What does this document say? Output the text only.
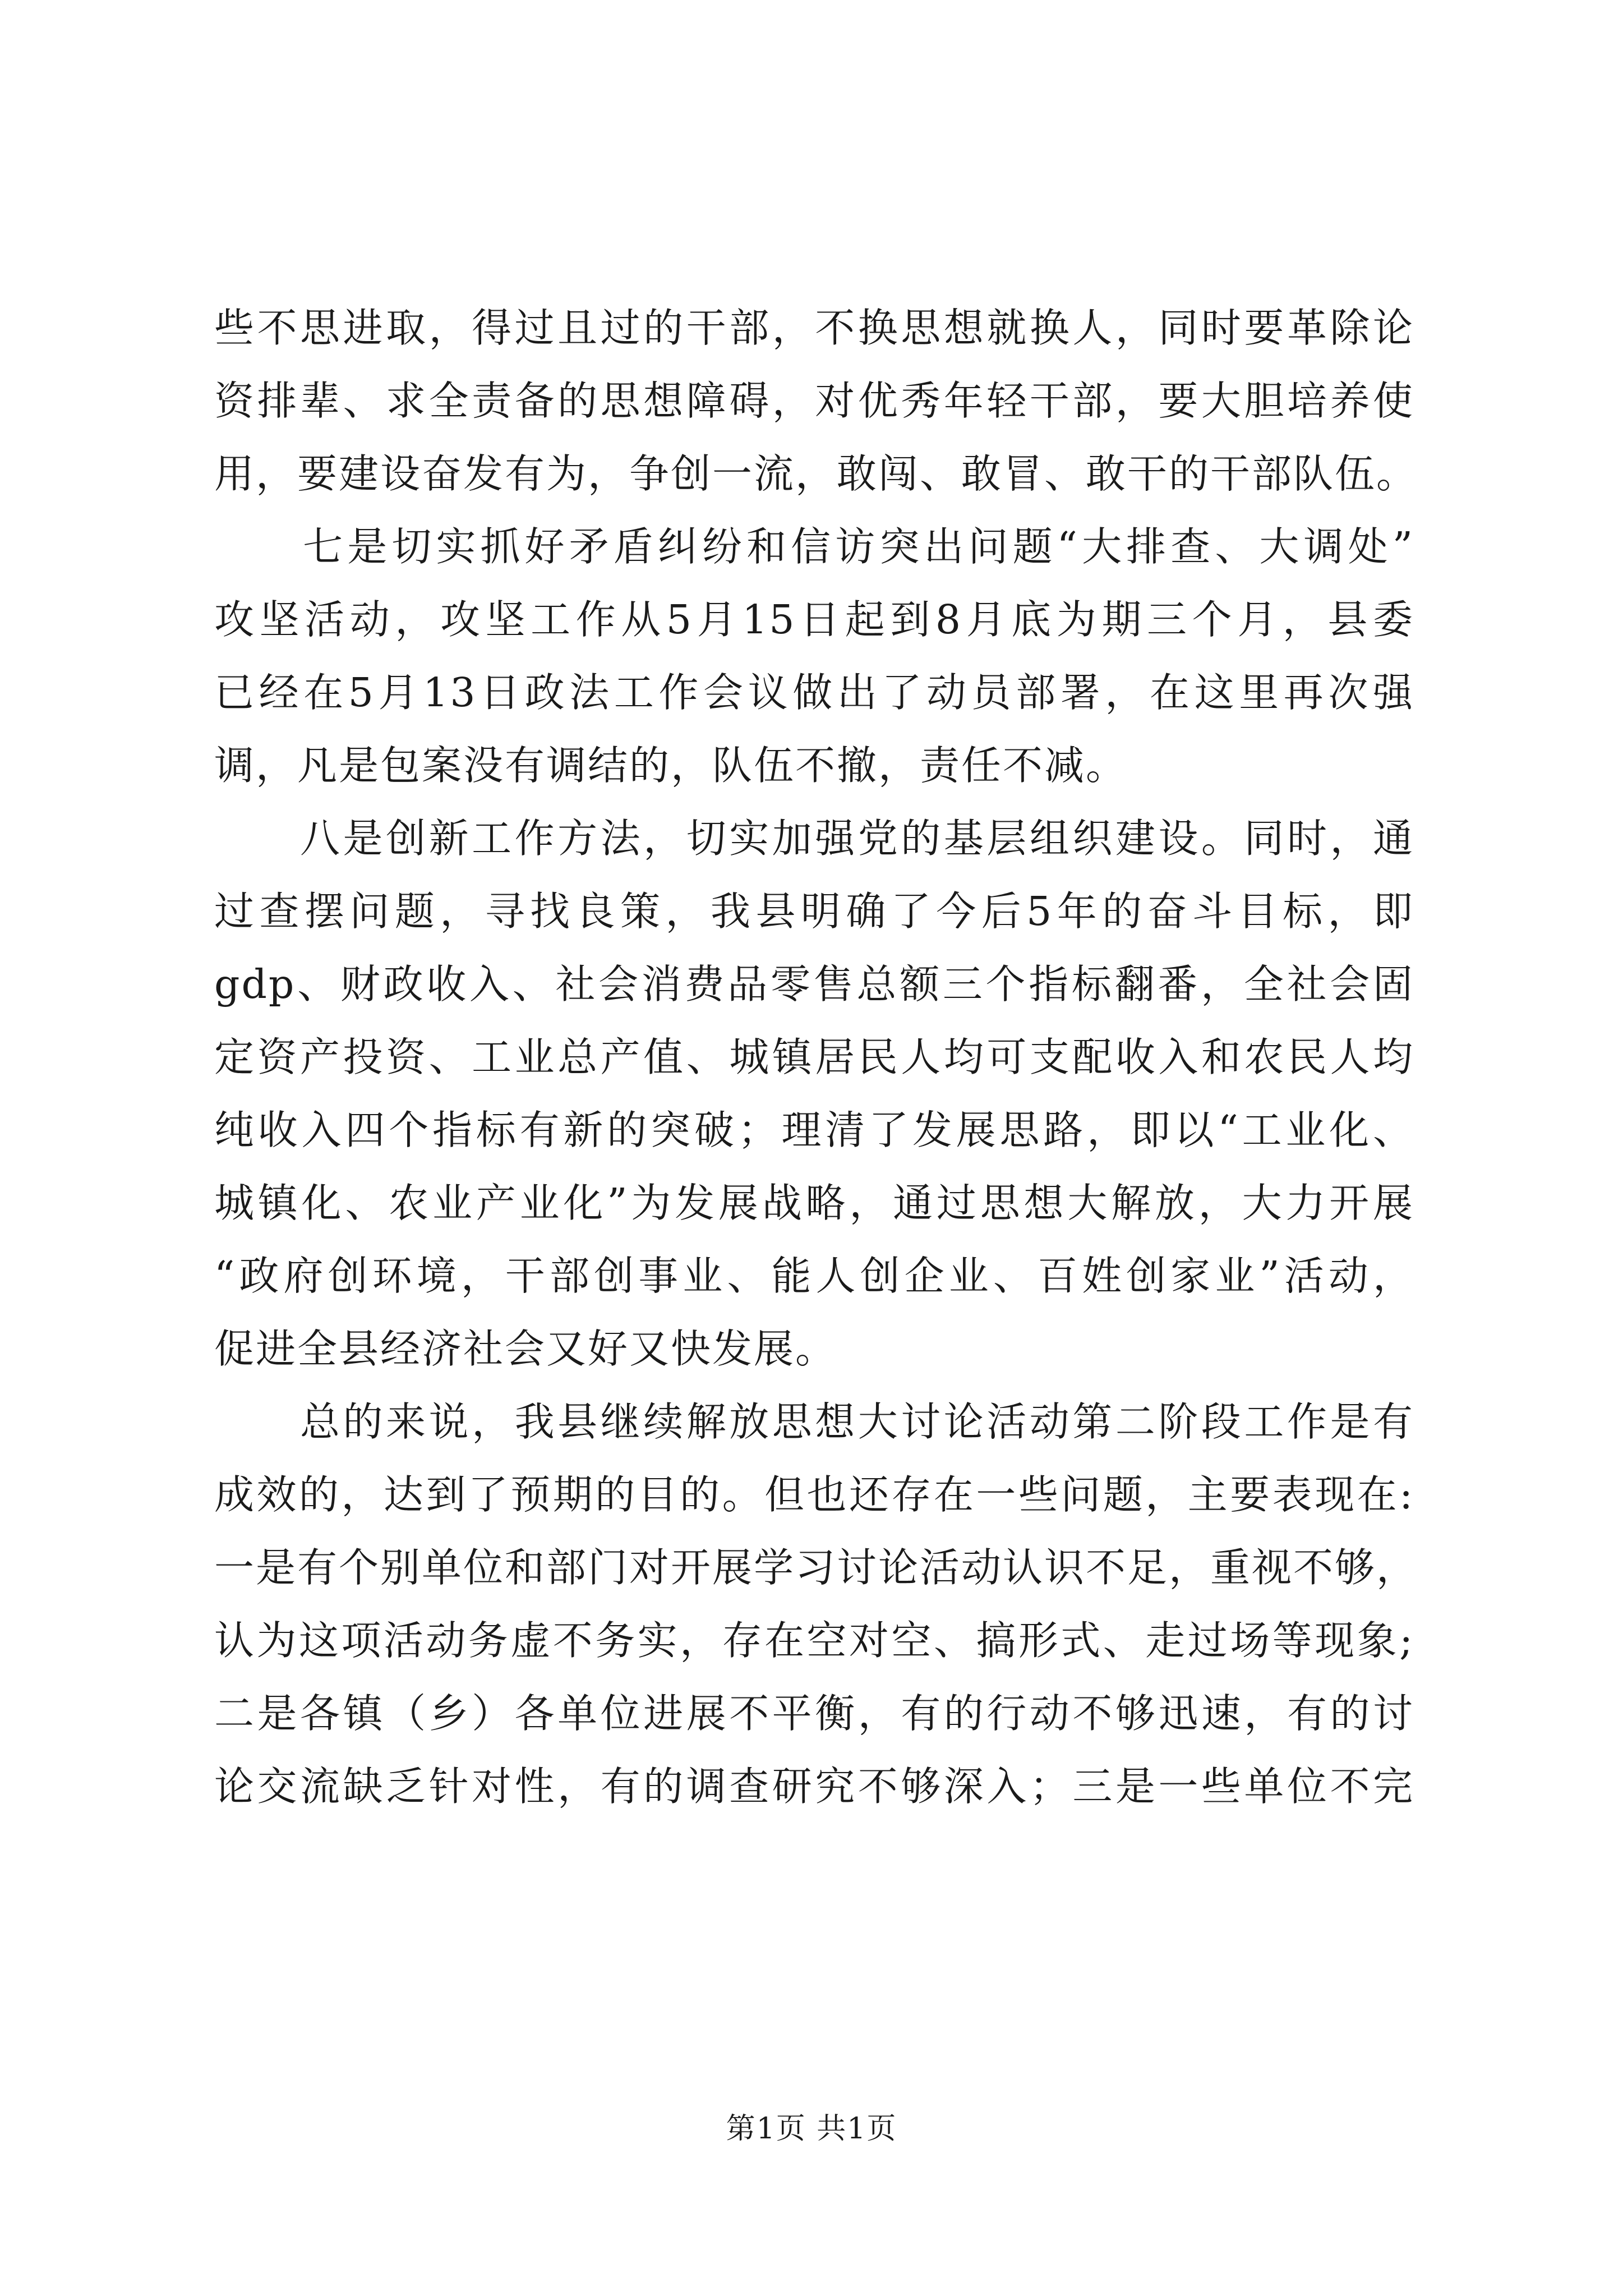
些不思进取，得过且过的干部，不换思想就换人，同时要革除论
资排辈、求全责备的思想障碍，对优秀年轻干部，要大胆培养使
用，要建设奋发有为，争创一流，敢闯、敢冒、敢干的干部队伍。
　　七是切实抓好矛盾纠纷和信访突出问题“大排查、大调处”
攻坚活动，攻坚工作从5月15日起到8月底为期三个月，县委
已经在5月13日政法工作会议做出了动员部署，在这里再次强
调，凡是包案没有调结的，队伍不撤，责任不减。
　　八是创新工作方法，切实加强党的基层组织建设。同时，通
过查摆问题，寻找良策，我县明确了今后5年的奋斗目标，即
gdp、财政收入、社会消费品零售总额三个指标翻番，全社会固
定资产投资、工业总产值、城镇居民人均可支配收入和农民人均
纯收入四个指标有新的突破；理清了发展思路，即以“工业化、
城镇化、农业产业化”为发展战略，通过思想大解放，大力开展
“政府创环境，干部创事业、能人创企业、百姓创家业”活动，
促进全县经济社会又好又快发展。
　　总的来说，我县继续解放思想大讨论活动第二阶段工作是有
成效的，达到了预期的目的。但也还存在一些问题，主要表现在:
一是有个别单位和部门对开展学习讨论活动认识不足，重视不够，
认为这项活动务虚不务实，存在空对空、搞形式、走过场等现象;
二是各镇（乡）各单位进展不平衡，有的行动不够迅速，有的讨
论交流缺乏针对性，有的调查研究不够深入；三是一些单位不完
第1页 共1页
